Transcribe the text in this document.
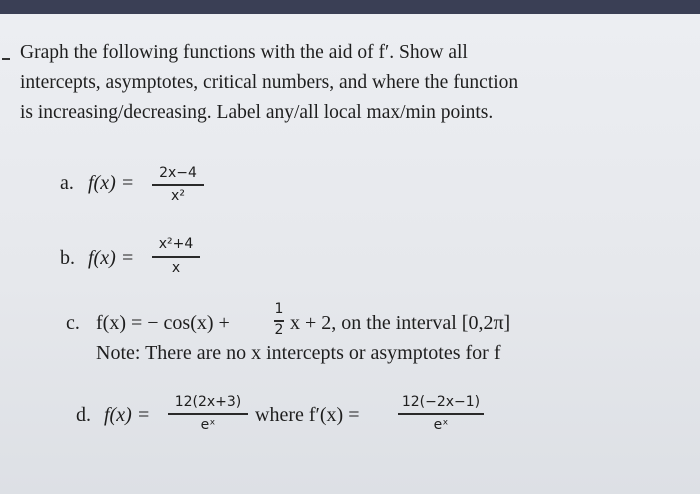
Graph the following functions with the aid of f′. Show all
intercepts, asymptotes, critical numbers, and where the function
is increasing/decreasing. Label any/all local max/min points.
a. f(x) =	2x−4
x²
b. f(x) =
x²+4
x
c. f(x) = − cos(x) +
1
2 x + 2, on the interval [0,2π]
Note: There are no x intercepts or asymptotes for f
d. f(x) =
12(2x+3)
eˣ	where f′(x) =
12(−2x−1)
eˣ
